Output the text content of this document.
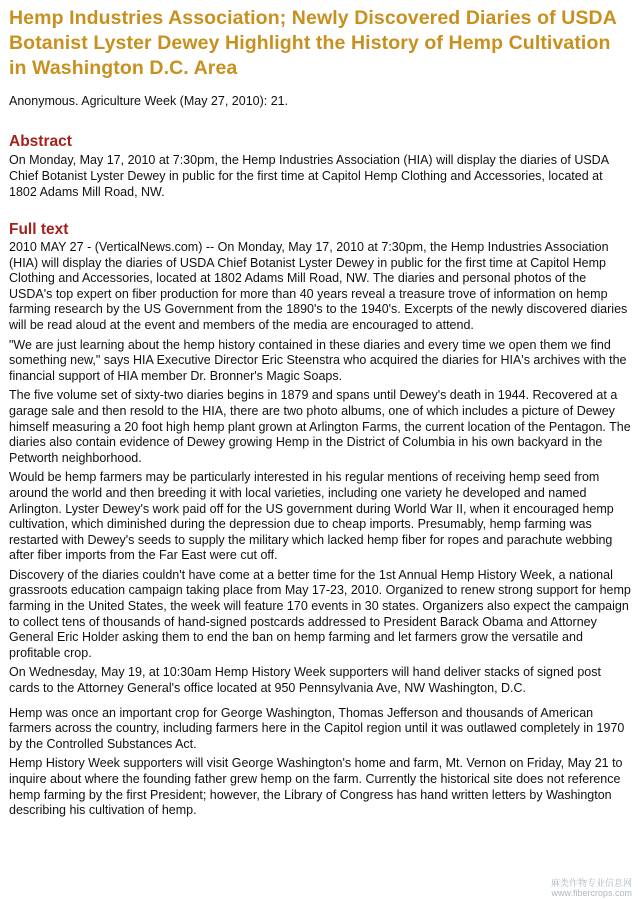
Hemp Industries Association; Newly Discovered Diaries of USDA Botanist Lyster Dewey Highlight the History of Hemp Cultivation in Washington D.C. Area
Anonymous. Agriculture Week (May 27, 2010): 21.
Abstract

On Monday, May 17, 2010 at 7:30pm, the Hemp Industries Association (HIA) will display the diaries of USDA Chief Botanist Lyster Dewey in public for the first time at Capitol Hemp Clothing and Accessories, located at 1802 Adams Mill Road, NW.

Full text

2010 MAY 27 - (VerticalNews.com) -- On Monday, May 17, 2010 at 7:30pm, the Hemp Industries Association (HIA) will display the diaries of USDA Chief Botanist Lyster Dewey in public for the first time at Capitol Hemp Clothing and Accessories, located at 1802 Adams Mill Road, NW. The diaries and personal photos of the USDA's top expert on fiber production for more than 40 years reveal a treasure trove of information on hemp farming research by the US Government from the 1890's to the 1940's. Excerpts of the newly discovered diaries will be read aloud at the event and members of the media are encouraged to attend.

"We are just learning about the hemp history contained in these diaries and every time we open them we find something new," says HIA Executive Director Eric Steenstra who acquired the diaries for HIA's archives with the financial support of HIA member Dr. Bronner's Magic Soaps.

The five volume set of sixty-two diaries begins in 1879 and spans until Dewey's death in 1944. Recovered at a garage sale and then resold to the HIA, there are two photo albums, one of which includes a picture of Dewey himself measuring a 20 foot high hemp plant grown at Arlington Farms, the current location of the Pentagon. The diaries also contain evidence of Dewey growing Hemp in the District of Columbia in his own backyard in the Petworth neighborhood.

Would be hemp farmers may be particularly interested in his regular mentions of receiving hemp seed from around the world and then breeding it with local varieties, including one variety he developed and named Arlington. Lyster Dewey's work paid off for the US government during World War II, when it encouraged hemp cultivation, which diminished during the depression due to cheap imports. Presumably, hemp farming was restarted with Dewey's seeds to supply the military which lacked hemp fiber for ropes and parachute webbing after fiber imports from the Far East were cut off.

Discovery of the diaries couldn't have come at a better time for the 1st Annual Hemp History Week, a national grassroots education campaign taking place from May 17-23, 2010. Organized to renew strong support for hemp farming in the United States, the week will feature 170 events in 30 states. Organizers also expect the campaign to collect tens of thousands of hand-signed postcards addressed to President Barack Obama and Attorney General Eric Holder asking them to end the ban on hemp farming and let farmers grow the versatile and profitable crop.

On Wednesday, May 19, at 10:30am Hemp History Week supporters will hand deliver stacks of signed post cards to the Attorney General's office located at 950 Pennsylvania Ave, NW Washington, D.C.

Hemp was once an important crop for George Washington, Thomas Jefferson and thousands of American farmers across the country, including farmers here in the Capitol region until it was outlawed completely in 1970 by the Controlled Substances Act.

Hemp History Week supporters will visit George Washington's home and farm, Mt. Vernon on Friday, May 21 to inquire about where the founding father grew hemp on the farm. Currently the historical site does not reference hemp farming by the first President; however, the Library of Congress has hand written letters by Washington describing his cultivation of hemp.

麻类作物专业信息网
www.fibercrops.com
